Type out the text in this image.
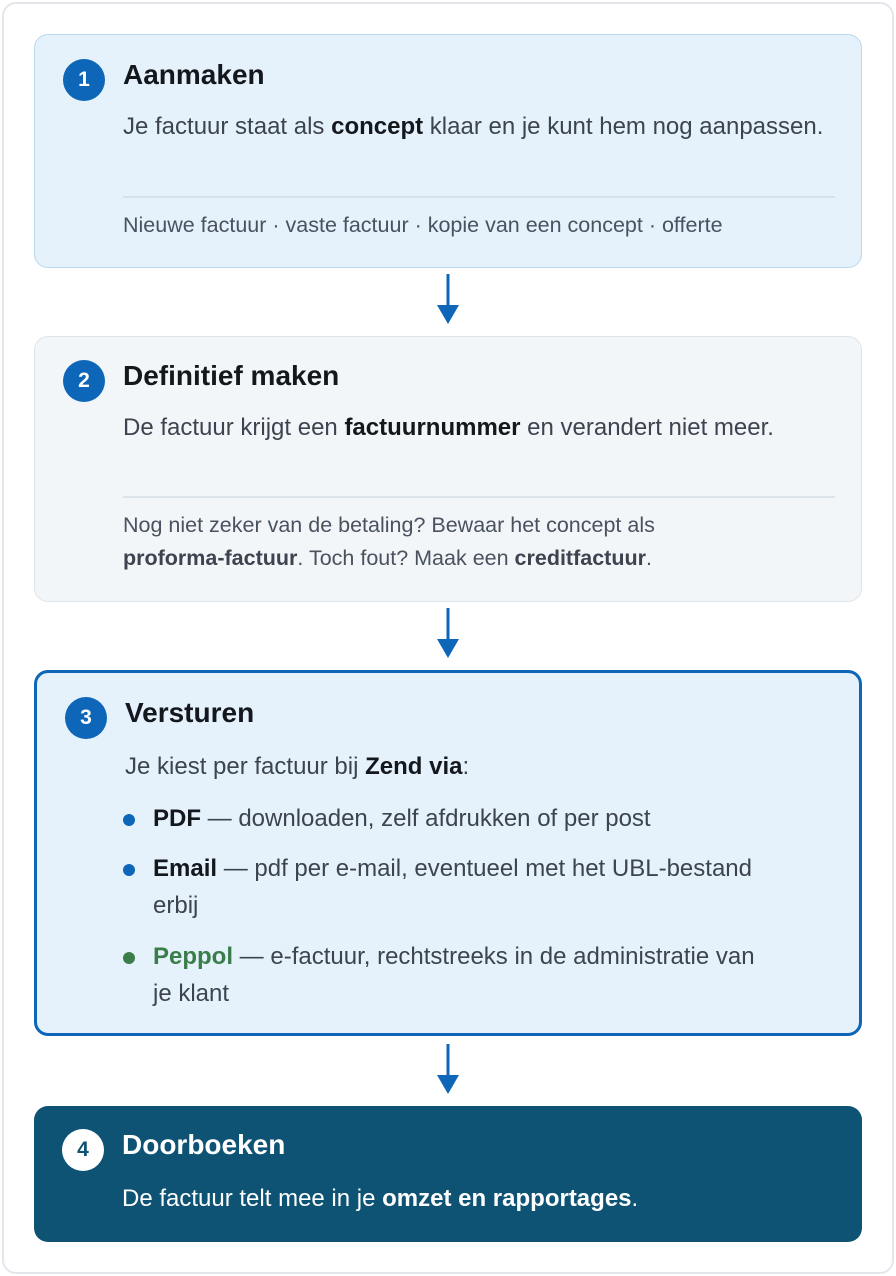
1	Aanmaken
Je factuur staat als concept klaar en je kunt hem nog aanpassen.
Nieuwe factuur · vaste factuur · kopie van een concept · offerte
2	Definitief maken
De factuur krijgt een factuurnummer en verandert niet meer.
Nog niet zeker van de betaling? Bewaar het concept als
proforma-factuur. Toch fout? Maak een creditfactuur.
3	Versturen
Je kiest per factuur bij Zend via:
PDF — downloaden, zelf afdrukken of per post
Email — pdf per e-mail, eventueel met het UBL-bestand
erbij
Peppol — e-factuur, rechtstreeks in de administratie van
je klant
4	Doorboeken
De factuur telt mee in je omzet en rapportages.
